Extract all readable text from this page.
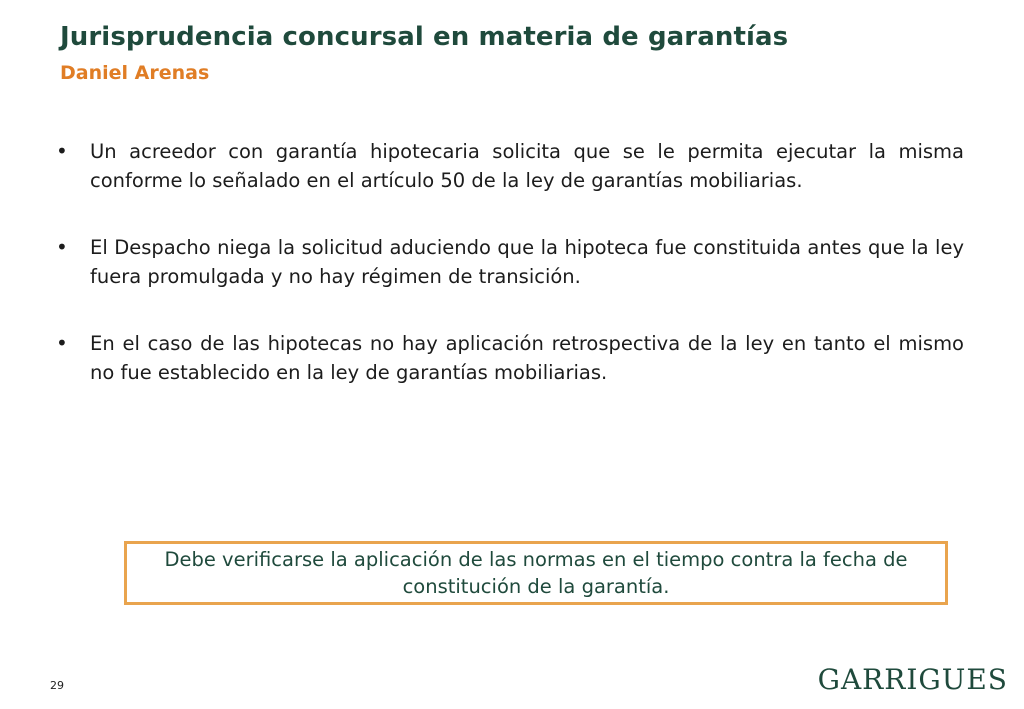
Jurisprudencia concursal en materia de garantías
Daniel Arenas
•	Un acreedor con garantía hipotecaria solicita que se le permita ejecutar la misma conforme lo señalado en el artículo 50 de la ley de garantías mobiliarias.
•	El Despacho niega la solicitud aduciendo que la hipoteca fue constituida antes que la ley fuera promulgada y no hay régimen de transición.
•	En el caso de las hipotecas no hay aplicación retrospectiva de la ley en tanto el mismo no fue establecido en la ley de garantías mobiliarias.
Debe verificarse la aplicación de las normas en el tiempo contra la fecha de constitución de la garantía.
29	GARRIGUES
